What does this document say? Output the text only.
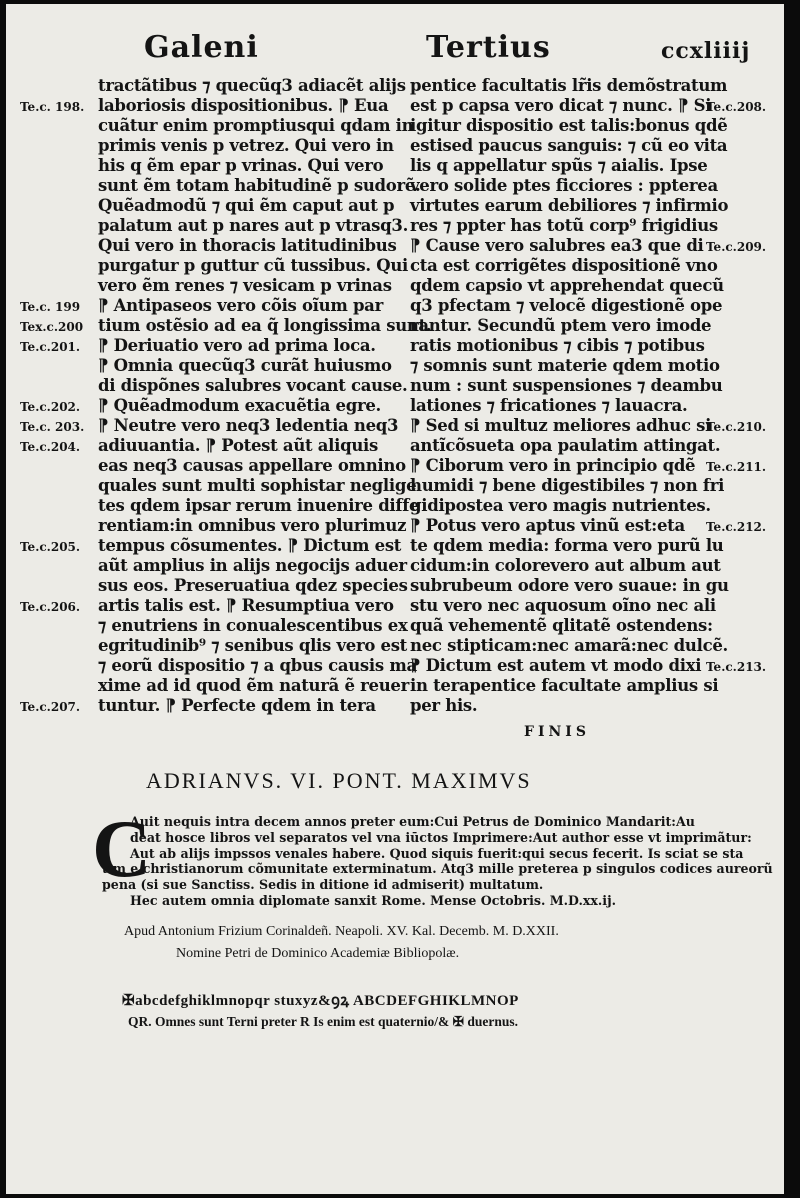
Galeni	Tertius	ccxliiij
tractãtibus ⁊ quecũq3 adiacẽt alijs
laboriosis dispositionibus. ⁋ Eua
cuãtur enim promptiusqui qdam in
primis venis p vetrez. Qui vero in
his q ẽm epar p vrinas. Qui vero
sunt ẽm totam habitudinẽ p sudorẽ.
Quẽadmodũ ⁊ qui ẽm caput aut p
palatum aut p nares aut p vtrasq3.
Qui vero in thoracis latitudinibus
purgatur p guttur cũ tussibus. Qui
vero ẽm renes ⁊ vesicam p vrinas
⁋ Antipaseos vero cõis oĩum par
tium ostẽsio ad ea q̃ longissima sunt.
⁋ Deriuatio vero ad prima loca.
⁋ Omnia quecũq3 curãt huiusmo
di dispõnes salubres vocant cause.
⁋ Quẽadmodum exacuẽtia egre.
⁋ Neutre vero neq3 ledentia neq3
adiuuantia. ⁋ Potest aũt aliquis
eas neq3 causas appellare omnino
quales sunt multi sophistar neglige
tes qdem ipsar rerum inuenire diffe
rentiam:in omnibus vero plurimuz
tempus cõsumentes. ⁋ Dictum est
aũt amplius in alijs negocijs aduer
sus eos. Preseruatiua qdez species
artis talis est. ⁋ Resumptiua vero
⁊ enutriens in conualescentibus ex
egritudinib⁹ ⁊ senibus qlis vero est
⁊ eorũ dispositio ⁊ a qbus causis ma
xime ad id quod ẽm naturã ẽ reuer
tuntur. ⁋ Perfecte qdem in tera
pentice facultatis lr̃is demõstratum
est p capsa vero dicat ⁊ nunc. ⁋ Si
igitur dispositio est talis:bonus qdẽ
estised paucus sanguis: ⁊ cũ eo vita
lis q appellatur spũs ⁊ aialis. Ipse
vero solide ptes ficciores : ppterea
virtutes earum debiliores ⁊ infirmio
res ⁊ ppter has totũ corp⁹ frigidius
⁋ Cause vero salubres ea3 que di
cta est corrigẽtes dispositionẽ vno
qdem capsio vt apprehendat quecũ
q3 pfectam ⁊ velocẽ digestionẽ ope
rantur. Secundũ ptem vero imode
ratis motionibus ⁊ cibis ⁊ potibus
⁊ somnis sunt materie qdem motio
num : sunt suspensiones ⁊ deambu
lationes ⁊ fricationes ⁊ lauacra.
⁋ Sed si multuz meliores adhuc si
antĩcõsueta opa paulatim attingat.
⁋ Ciborum vero in principio qdẽ
humidi ⁊ bene digestibiles ⁊ non fri
gidipostea vero magis nutrientes.
⁋ Potus vero aptus vinũ est:eta
te qdem media: forma vero purũ lu
cidum:in colorevero aut album aut
subrubeum odore vero suaue: in gu
stu vero nec aquosum oĩno nec ali
quã vehementẽ qlitatẽ ostendens:
nec stipticam:nec amarã:nec dulcẽ.
⁋ Dictum est autem vt modo dixi
in terapentice facultate amplius si
per his.
FINIS
Te.c. 198.
Te.c. 199
Tex.c.200
Te.c.201.
Te.c.202.
Te.c. 203.
Te.c.204.
Te.c.205.
Te.c.206.
Te.c.207.
Te.c.208.
Te.c.209.
Te.c.210.
Te.c.211.
Te.c.212.
Te.c.213.
ADRIANVS. VI. PONT. MAXIMVS
C
Auit nequis intra decem annos preter eum:Cui Petrus de Dominico Mandarit:Au
deat hosce libros vel separatos vel vna iūctos Imprimere:Aut author esse vt imprimãtur:
Aut ab alijs impssos venales habere. Quod siquis fuerit:qui secus fecerit. Is sciat se sta
tim e christianorum cõmunitate exterminatum. Atq3 mille preterea p singulos codices aureorũ
pena (si sue Sanctiss. Sedis in ditione id admiserit) multatum.
Hec autem omnia diplomate sanxit Rome. Mense Octobris. M.D.xx.ij.
Apud Antonium Frizium Corinaldeñ. Neapoli. XV. Kal. Decemb. M. D.XXII.
Nomine Petri de Dominico Academiæ Bibliopolæ.
✠abcdefghiklmnopqr stuxyz&ꝯꝝ ABCDEFGHIKLMNOP
QR. Omnes sunt Terni preter R Is enim est quaternio/& ✠ duernus.
